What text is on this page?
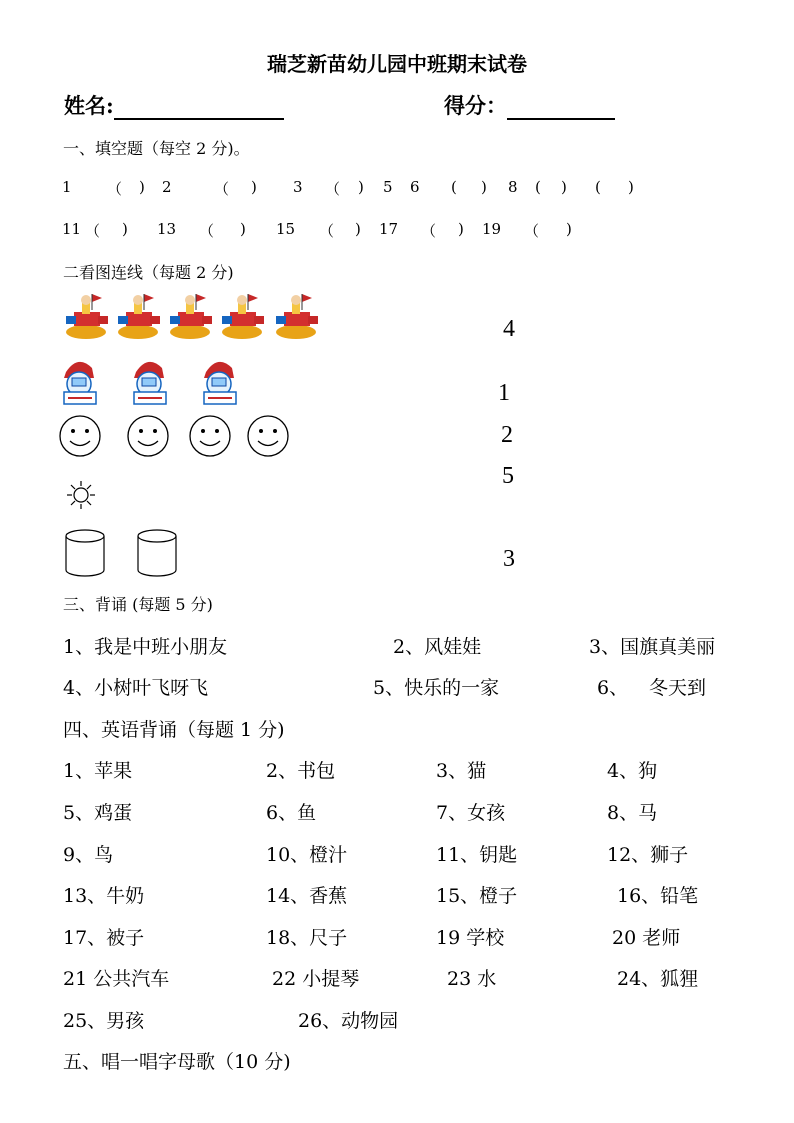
瑞芝新苗幼儿园中班期末试卷
姓名:	得分：
一、填空题（每空 2 分)。
1 （ ) 2	（ ) 3 （ ) 5 6 ( ) 8 ( ) ( )
11 （ ) 13 （ ) 15 （ ) 17 （ ) 19 （ )
二看图连线（每题 2 分)
4
1
2
5
3
三、背诵 (每题 5 分)
1、我是中班小朋友	2、风娃娃	3、国旗真美丽
4、小树叶飞呀飞	5、快乐的一家	6、 冬天到
四、英语背诵（每题 1 分)
1、苹果	2、书包	3、猫	4、狗
5、鸡蛋	6、鱼	7、女孩	8、马
9、鸟	10、橙汁	11、钥匙	12、狮子
13、牛奶	14、香蕉	15、橙子	16、铅笔
17、被子	18、尺子	19 学校	20 老师
21 公共汽车	22 小提琴	23 水	24、狐狸
25、男孩	26、动物园
五、唱一唱字母歌（10 分)
